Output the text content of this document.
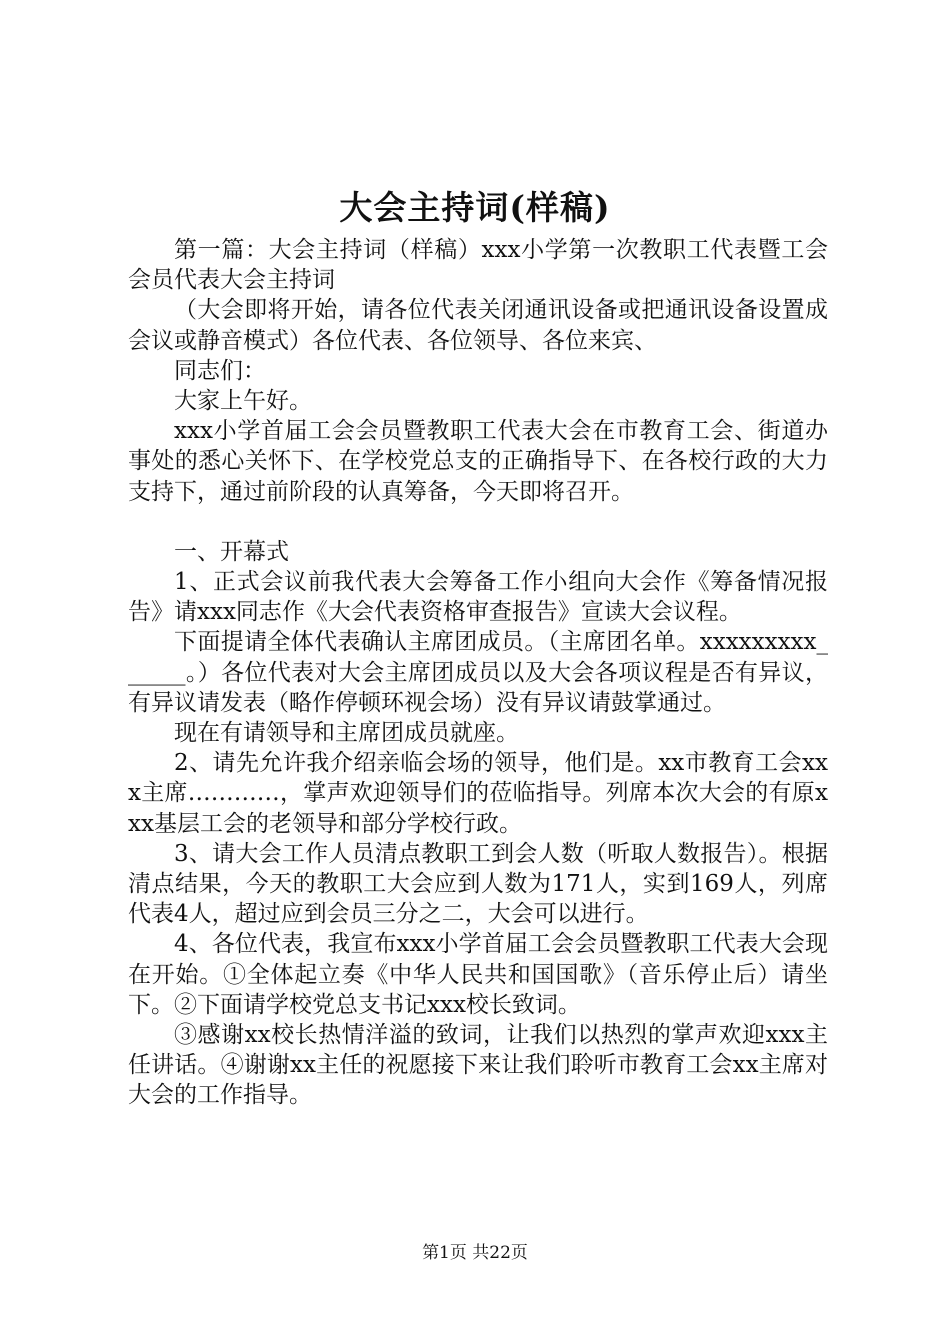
大会主持词(样稿)

第一篇：大会主持词（样稿）xxx小学第一次教职工代表暨工会会员代表大会主持词

（大会即将开始，请各位代表关闭通讯设备或把通讯设备设置成会议或静音模式）各位代表、各位领导、各位来宾、

同志们：

大家上午好。

xxx小学首届工会会员暨教职工代表大会在市教育工会、街道办事处的悉心关怀下、在学校党总支的正确指导下、在各校行政的大力支持下，通过前阶段的认真筹备，今天即将召开。

一、开幕式

1、正式会议前我代表大会筹备工作小组向大会作《筹备情况报告》请xxx同志作《大会代表资格审查报告》宣读大会议程。

下面提请全体代表确认主席团成员。（主席团名单。xxxxxxxxx______。）各位代表对大会主席团成员以及大会各项议程是否有异议，有异议请发表（略作停顿环视会场）没有异议请鼓掌通过。

现在有请领导和主席团成员就座。

2、请先允许我介绍亲临会场的领导，他们是。xx市教育工会xxx主席…………，掌声欢迎领导们的莅临指导。列席本次大会的有原xxx基层工会的老领导和部分学校行政。

3、请大会工作人员清点教职工到会人数（听取人数报告）。根据清点结果，今天的教职工大会应到人数为171人，实到169人，列席代表4人，超过应到会员三分之二，大会可以进行。

4、各位代表，我宣布xxx小学首届工会会员暨教职工代表大会现在开始。①全体起立奏《中华人民共和国国歌》（音乐停止后）请坐下。②下面请学校党总支书记xxx校长致词。

③感谢xx校长热情洋溢的致词，让我们以热烈的掌声欢迎xxx主任讲话。④谢谢xx主任的祝愿接下来让我们聆听市教育工会xx主席对大会的工作指导。

第1页 共22页
